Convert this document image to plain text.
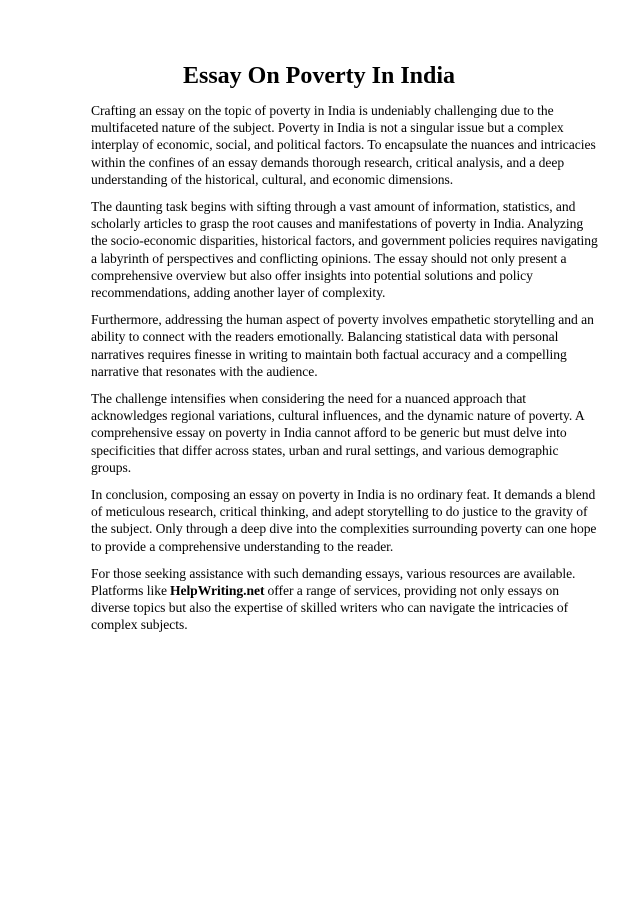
Essay On Poverty In India

Crafting an essay on the topic of poverty in India is undeniably challenging due to the multifaceted nature of the subject. Poverty in India is not a singular issue but a complex interplay of economic, social, and political factors. To encapsulate the nuances and intricacies within the confines of an essay demands thorough research, critical analysis, and a deep understanding of the historical, cultural, and economic dimensions.

The daunting task begins with sifting through a vast amount of information, statistics, and scholarly articles to grasp the root causes and manifestations of poverty in India. Analyzing the socio-economic disparities, historical factors, and government policies requires navigating a labyrinth of perspectives and conflicting opinions. The essay should not only present a comprehensive overview but also offer insights into potential solutions and policy recommendations, adding another layer of complexity.

Furthermore, addressing the human aspect of poverty involves empathetic storytelling and an ability to connect with the readers emotionally. Balancing statistical data with personal narratives requires finesse in writing to maintain both factual accuracy and a compelling narrative that resonates with the audience.

The challenge intensifies when considering the need for a nuanced approach that acknowledges regional variations, cultural influences, and the dynamic nature of poverty. A comprehensive essay on poverty in India cannot afford to be generic but must delve into specificities that differ across states, urban and rural settings, and various demographic groups.

In conclusion, composing an essay on poverty in India is no ordinary feat. It demands a blend of meticulous research, critical thinking, and adept storytelling to do justice to the gravity of the subject. Only through a deep dive into the complexities surrounding poverty can one hope to provide a comprehensive understanding to the reader.

For those seeking assistance with such demanding essays, various resources are available. Platforms like HelpWriting.net offer a range of services, providing not only essays on diverse topics but also the expertise of skilled writers who can navigate the intricacies of complex subjects.
